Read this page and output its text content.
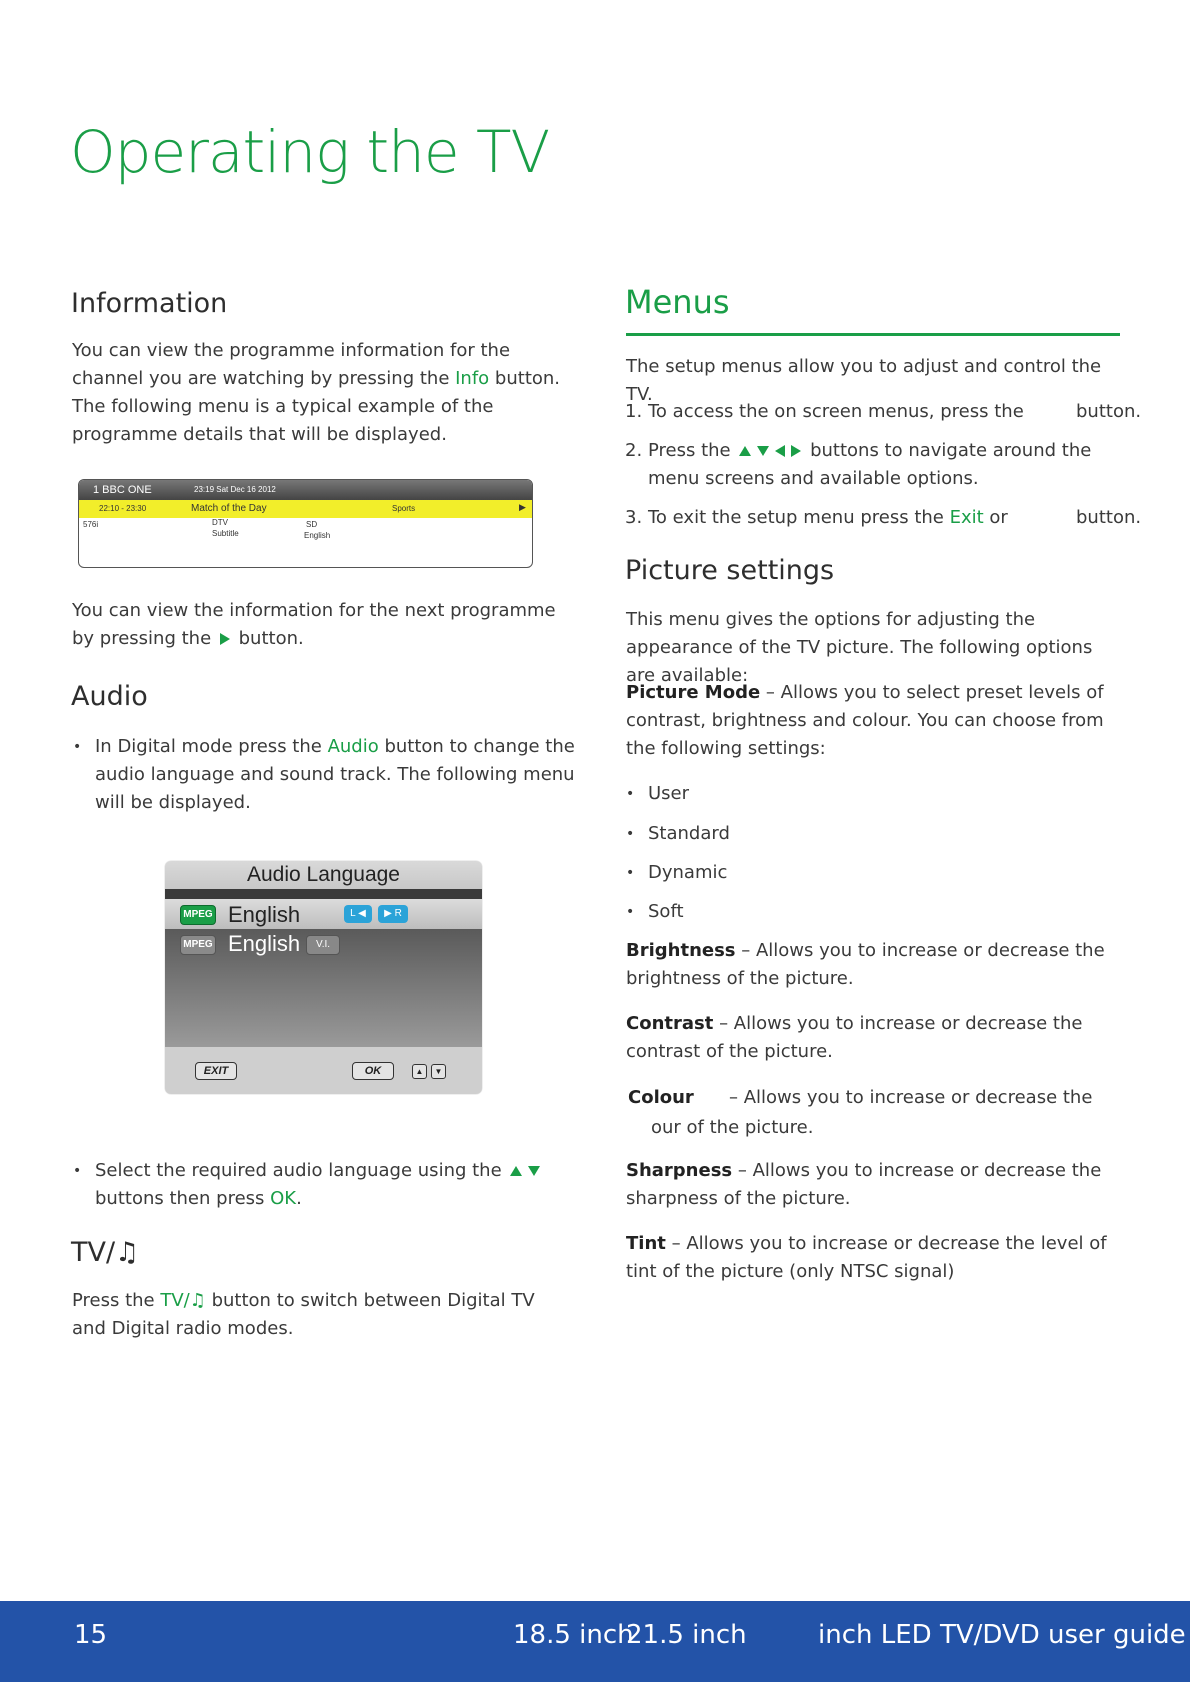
Operating the TV
Information

You can view the programme information for the channel you are watching by pressing the Info button. The following menu is a typical example of the programme details that will be displayed.

1 BBC ONE	23:19 Sat Dec 16 2012
22:10 - 23:30	Match of the Day	Sports	▶
576i	DTV	SD
Subtitle	English

You can view the information for the next programme by pressing the  button.

Audio
• In Digital mode press the Audio button to change the audio language and sound track. The following menu will be displayed.
Audio Language
MPEG English	L ◀	▶ R
MPEG English	V.I.
EXIT	OK	▲	▼
• Select the required audio language using the  buttons then press OK.
TV/♫

Press the TV/♫ button to switch between Digital TV and Digital radio modes.

Menus

The setup menus allow you to adjust and control the TV.

1. To access the on screen menus, press the	button.
2. Press the	buttons to navigate around the menu screens and available options.
3. To exit the setup menu press the Exit or	button.
Picture settings

This menu gives the options for adjusting the appearance of the TV picture. The following options are available:

Picture Mode – Allows you to select preset levels of contrast, brightness and colour. You can choose from the following settings:

• User
• Standard
• Dynamic
• Soft

Brightness – Allows you to increase or decrease the brightness of the picture.

Contrast – Allows you to increase or decrease the contrast of the picture.

Colour – Allows you to increase or decrease the
our of the picture.

Sharpness – Allows you to increase or decrease the sharpness of the picture.

Tint – Allows you to increase or decrease the level of tint of the picture (only NTSC signal)

15	18.5 inch
21.5 inch	inch LED TV/DVD user guide
